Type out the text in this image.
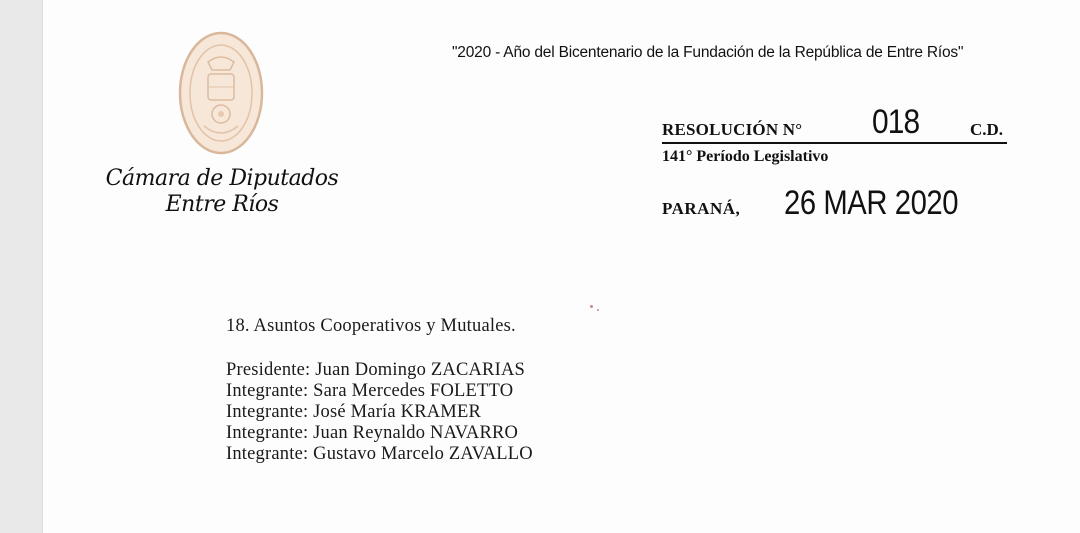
Cámara de Diputados
Entre Ríos
"2020 - Año del Bicentenario de la Fundación de la República de Entre Ríos"
RESOLUCIÓN N° 018	C.D.
141° Período Legislativo
PARANÁ, 26 MAR 2020
18. Asuntos Cooperativos y Mutuales.
Presidente: Juan Domingo ZACARIAS
Integrante: Sara Mercedes FOLETTO
Integrante: José María KRAMER
Integrante: Juan Reynaldo NAVARRO
Integrante: Gustavo Marcelo ZAVALLO
